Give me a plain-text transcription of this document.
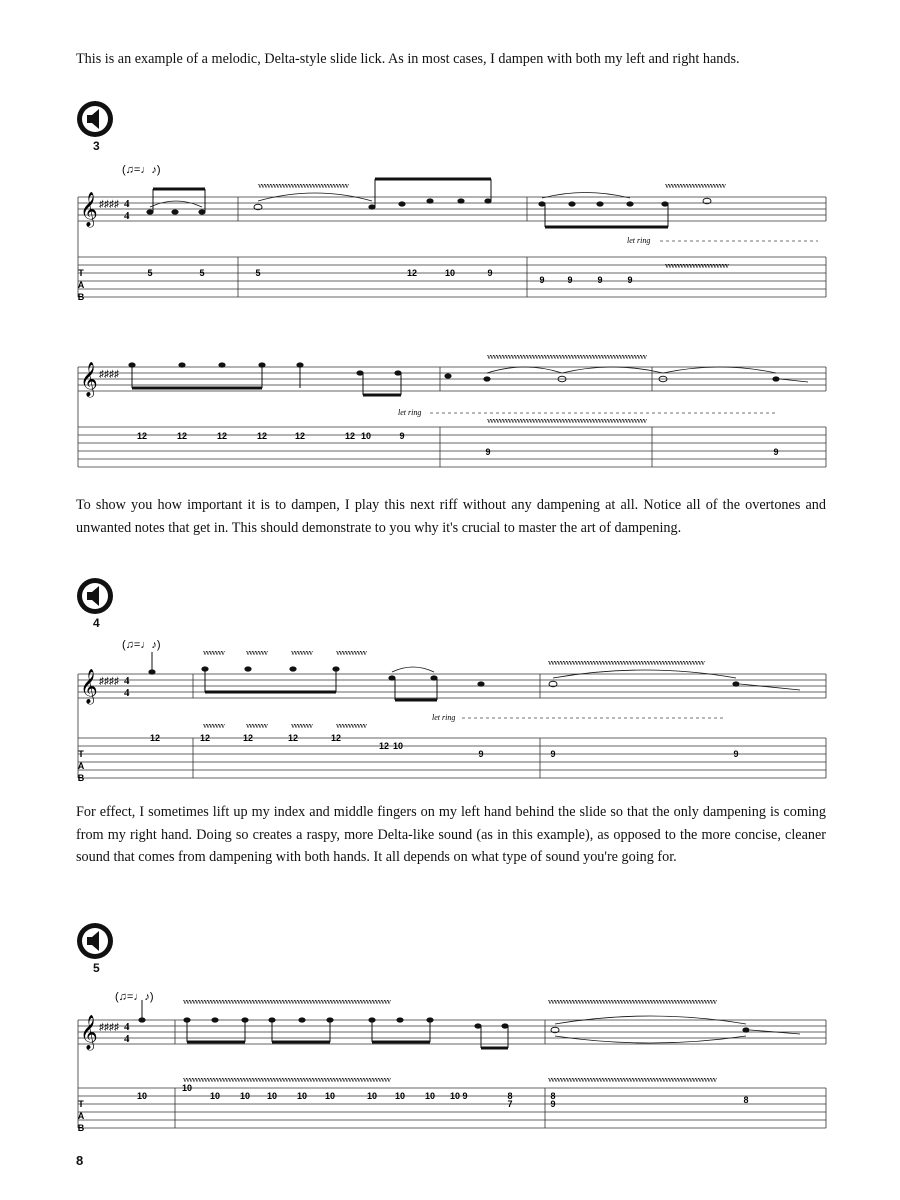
This is an example of a melodic, Delta-style slide lick. As in most cases, I dampen with both my left and right hands.

3
(♫=♩♪)
𝄞 ♯♯♯♯ 4
4
vvvvvvvvvvvvvvvvvvvvvvvvvvvvvv	vvvvvvvvvvvvvvvvvvvv
vvvvvvvvvvvvvvvvvvvvv
let ring
T
A
B
5	5	5	12	10	9
9	9	9	9
𝄞 ♯♯♯♯
vvvvvvvvvvvvvvvvvvvvvvvvvvvvvvvvvvvvvvvvvvvvvvvvvvvvv
vvvvvvvvvvvvvvvvvvvvvvvvvvvvvvvvvvvvvvvvvvvvvvvvvvvvv
let ring
12	12	12	12	12	12 10	9
9	9

To show you how important it is to dampen, I play this next riff without any dampening at all. Notice all of the overtones and unwanted notes that get in. This should demonstrate to you why it's crucial to master the art of dampening.

4
(♫=♩♪)
𝄞 ♯♯♯♯ 4
4
vvvvvvv	vvvvvvv	vvvvvvv	vvvvvvvvvv
vvvvvvvvvvvvvvvvvvvvvvvvvvvvvvvvvvvvvvvvvvvvvvvvvvvv
vvvvvvv	vvvvvvv	vvvvvvv	vvvvvvvvvv
let ring
T
A
B
12	12	12	12	12
12 10
9	9	9

For effect, I sometimes lift up my index and middle fingers on my left hand behind the slide so that the only dampening is coming from my right hand. Doing so creates a raspy, more Delta-like sound (as in this example), as opposed to the more concise, cleaner sound that comes from dampening with both hands. It all depends on what type of sound you're going for.

5
(♫=♩♪)
𝄞 ♯♯♯♯ 4
4
vvvvvvvvvvvvvvvvvvvvvvvvvvvvvvvvvvvvvvvvvvvvvvvvvvvvvvvvvvvvvvvvvvvvv	vvvvvvvvvvvvvvvvvvvvvvvvvvvvvvvvvvvvvvvvvvvvvvvvvvvvvvvv
vvvvvvvvvvvvvvvvvvvvvvvvvvvvvvvvvvvvvvvvvvvvvvvvvvvvvvvvvvvvvvvvvvvvv	vvvvvvvvvvvvvvvvvvvvvvvvvvvvvvvvvvvvvvvvvvvvvvvvvvvvvvvv
T
A
B
10
10
10 10 10 10 10	10 10 10 10 9	8
7
8
9	8
8
